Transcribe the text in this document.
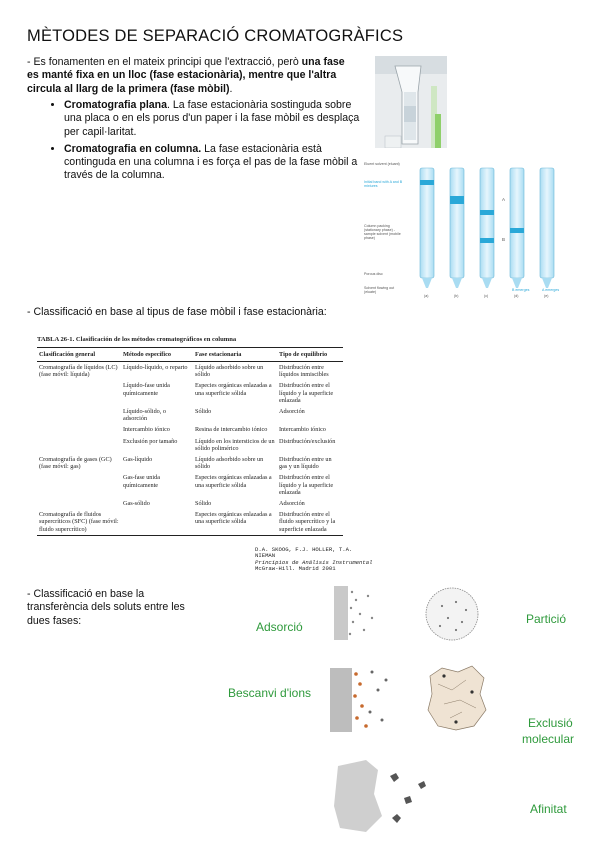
MÈTODES DE SEPARACIÓ CROMATOGRÀFICS
- Es fonamenten en el mateix principi que l'extracció, però una fase es manté fixa en un lloc (fase estacionària), mentre que l'altra circula al llarg de la primera (fase mòbil).
• Cromatografia plana. La fase estacionària sostinguda sobre una placa o en els porus d'un paper i la fase mòbil es desplaça per capil·laritat.
• Cromatografia en columna. La fase estacionària està continguda en una columna i es força el pas de la fase mòbil a través de la columna.
Eluent solvent (eluant)
Initial band with A and B mixtures
Column packing (stationary phase) - sample solvent (mobile phase)
Porous disc
Solvent flowing out (eluate)
A
B
(a)	(b)	(c)	(d)	(e)
B emerges	A emerges
- Classificació en base al tipus de fase mòbil i fase estacionària:
TABLA 26-1. Clasificación de los métodos cromatográficos en columna
Clasificación general	Método específico	Fase estacionaria	Tipo de equilibrio
Cromatografía de líquidos (LC) (fase móvil: líquida)	Líquido-líquido, o reparto	Líquido adsorbido sobre un sólido	Distribución entre líquidos inmiscibles
	Líquido-fase unida químicamente	Especies orgánicas enlazadas a una superficie sólida	Distribución entre el líquido y la superficie enlazada
	Líquido-sólido, o adsorción	Sólido	Adsorción
	Intercambio iónico	Resina de intercambio iónico	Intercambio iónico
	Exclusión por tamaño	Líquido en los intersticios de un sólido polimérico	Distribución/exclusión
Cromatografía de gases (GC) (fase móvil: gas)	Gas-líquido	Líquido adsorbido sobre un sólido	Distribución entre un gas y un líquido
	Gas-fase unida químicamente	Especies orgánicas enlazadas a una superficie sólida	Distribución entre el líquido y la superficie enlazada
	Gas-sólido	Sólido	Adsorción
Cromatografía de fluidos supercríticos (SFC) (fase móvil: fluido supercrítico)		Especies orgánicas enlazadas a una superficie sólida	Distribución entre el fluido supercrítico y la superficie enlazada
D.A. SKOOG, F.J. HOLLER, T.A. NIEMAN
Principios de Análisis Instrumental
McGraw-Hill. Madrid 2001
- Classificació en base la transferència dels soluts entre les dues fases:	Adsorció
Partició
Bescanvi d'ions
Exclusió
molecular
Afinitat
